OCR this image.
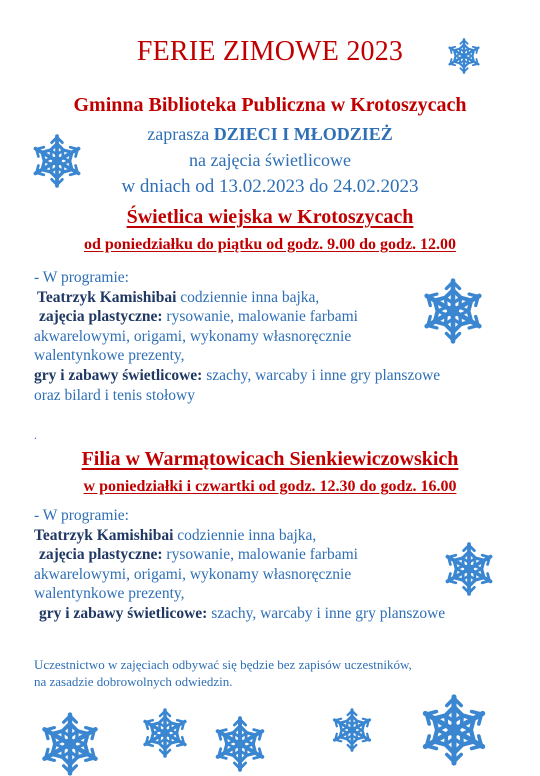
FERIE ZIMOWE 2023
Gminna Biblioteka Publiczna w Krotoszycach
zaprasza DZIECI I MŁODZIEŻ
na zajęcia świetlicowe
w dniach od 13.02.2023 do 24.02.2023
Świetlica wiejska w Krotoszycach
od poniedziałku do piątku od godz. 9.00 do godz. 12.00
- W programie:
Teatrzyk Kamishibai codziennie inna bajka,
zajęcia plastyczne: rysowanie, malowanie farbami
akwarelowymi, origami, wykonamy własnoręcznie
walentynkowe prezenty,
gry i zabawy świetlicowe: szachy, warcaby i inne gry planszowe
oraz bilard i tenis stołowy
.
Filia w Warmątowicach Sienkiewiczowskich
w poniedziałki i czwartki od godz. 12.30 do godz. 16.00
- W programie:
Teatrzyk Kamishibai codziennie inna bajka,
zajęcia plastyczne: rysowanie, malowanie farbami
akwarelowymi, origami, wykonamy własnoręcznie
walentynkowe prezenty,
gry i zabawy świetlicowe: szachy, warcaby i inne gry planszowe
Uczestnictwo w zajęciach odbywać się będzie bez zapisów uczestników,
na zasadzie dobrowolnych odwiedzin.
